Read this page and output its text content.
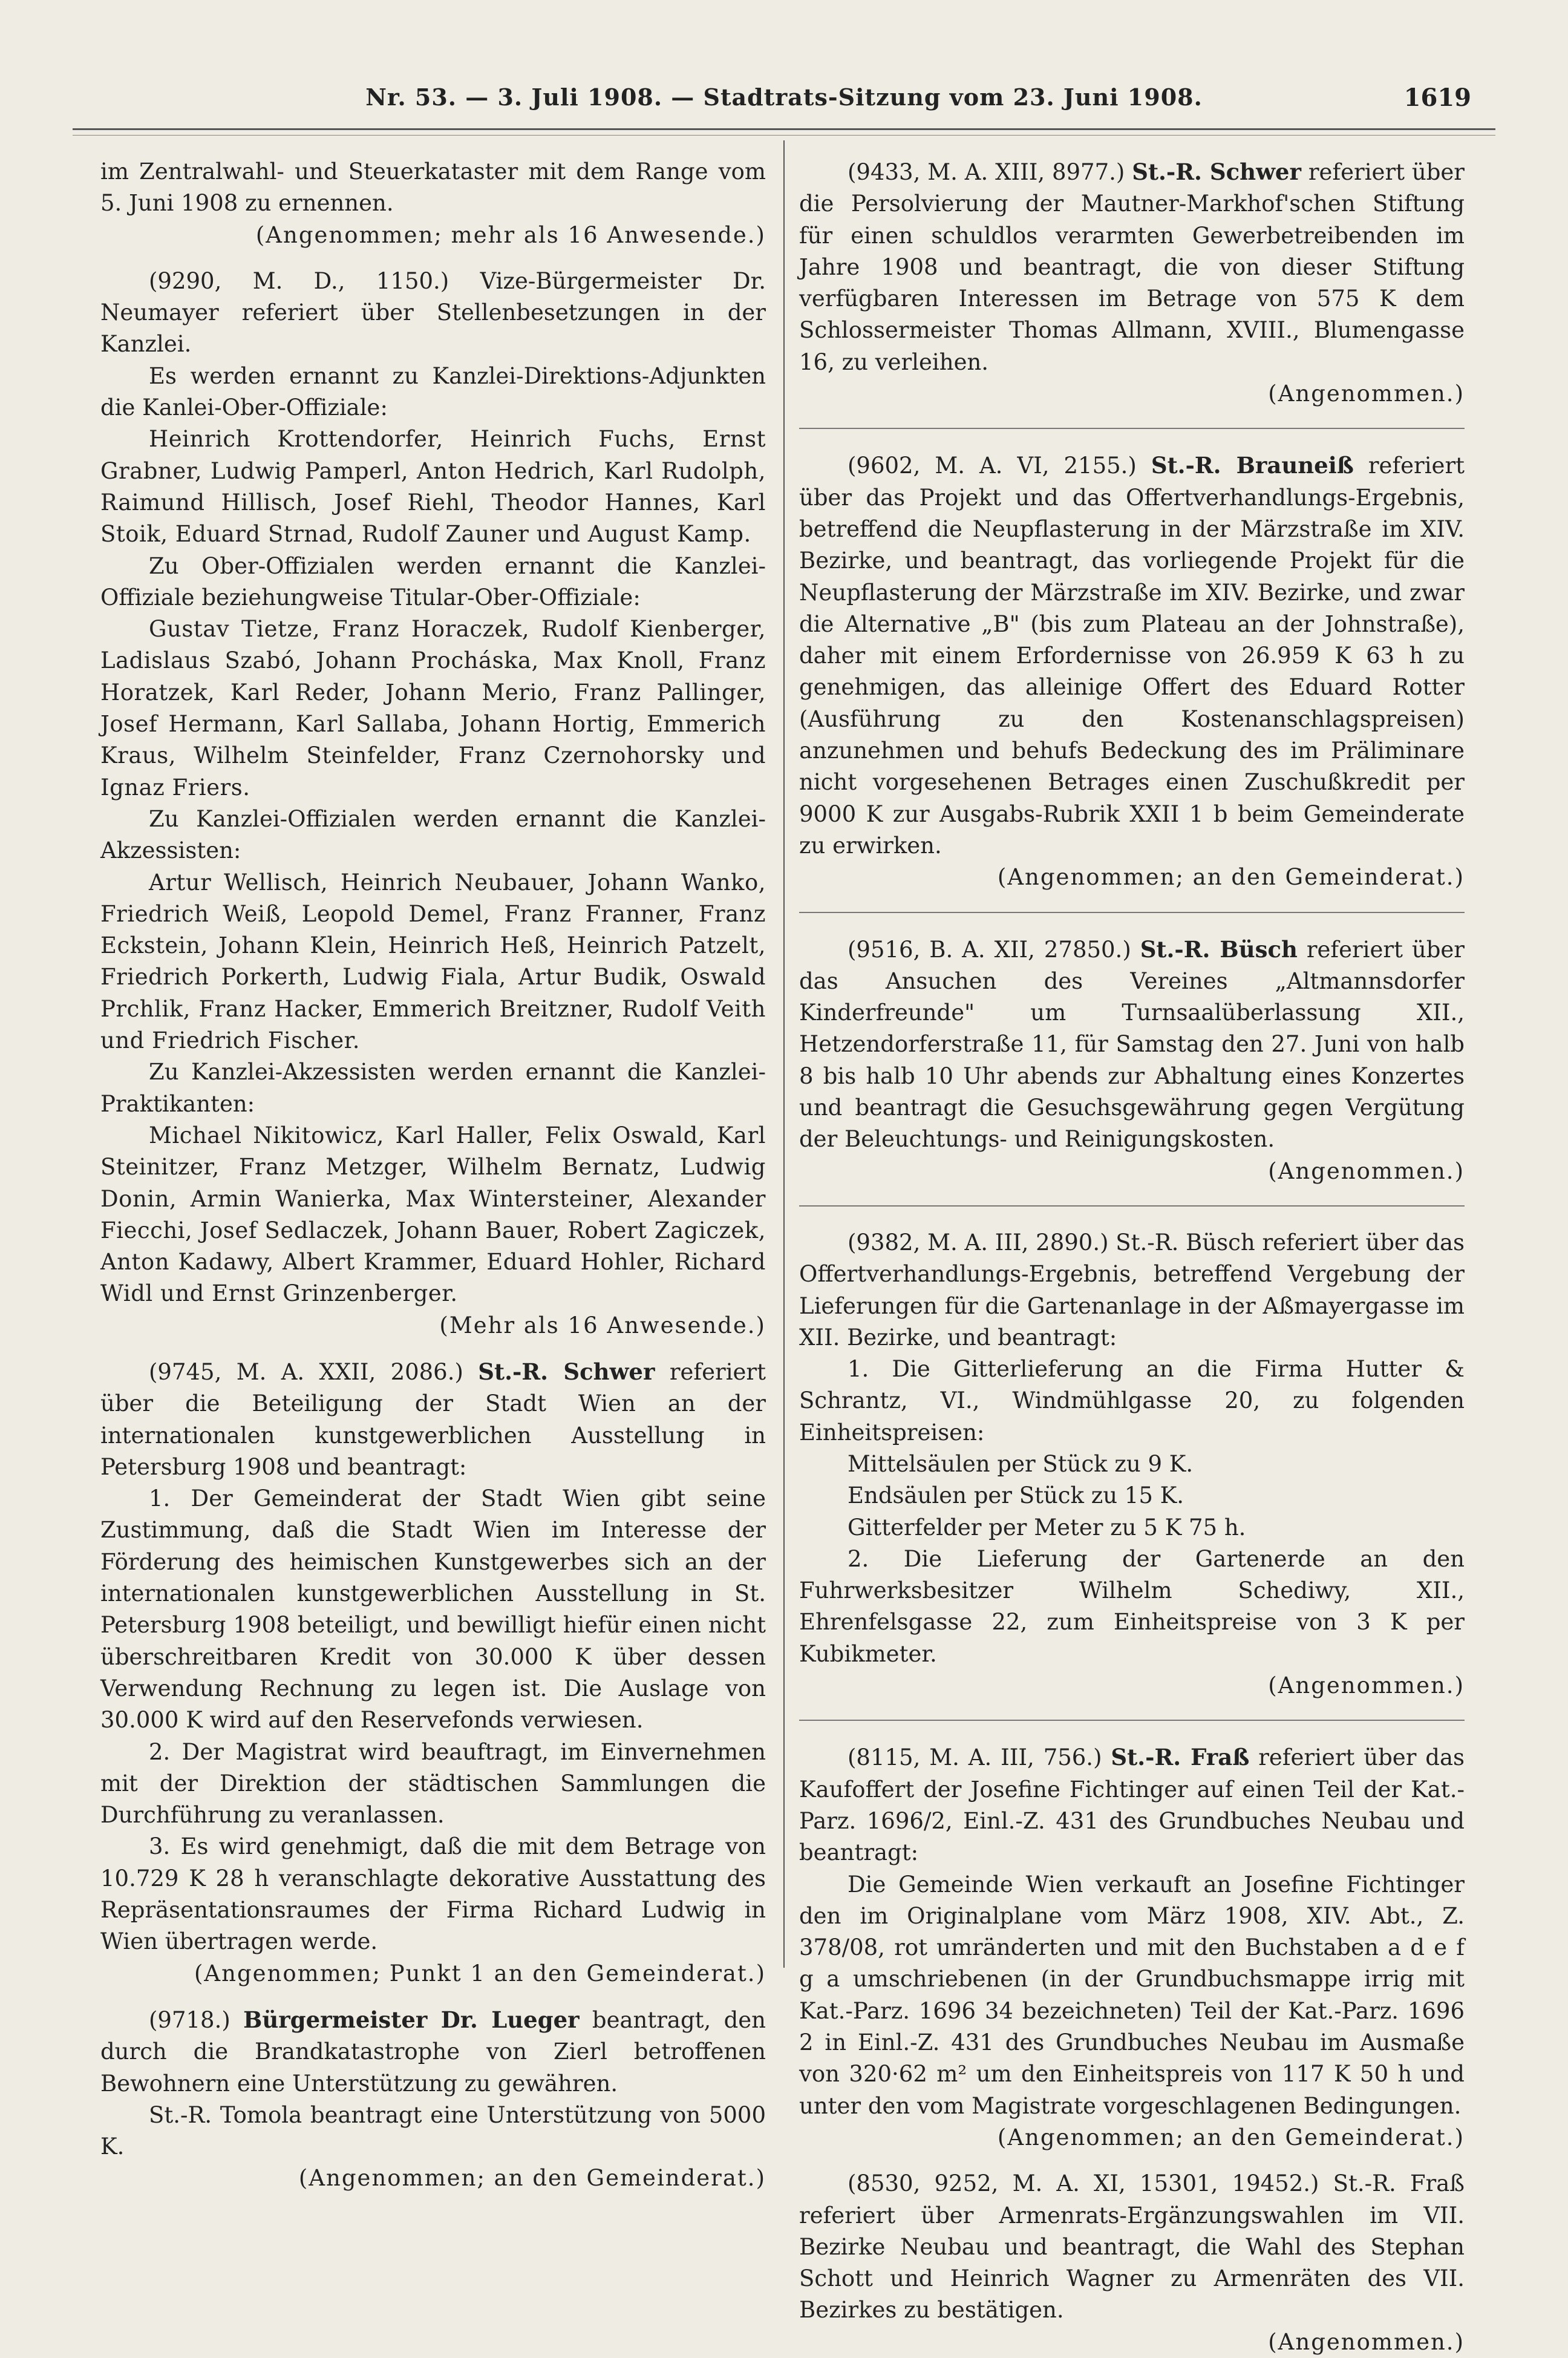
Nr. 53. — 3. Juli 1908. — Stadtrats-Sitzung vom 23. Juni 1908.	1619

im Zentralwahl- und Steuerkataster mit dem Range vom 5. Juni 1908 zu ernennen.

(Angenommen; mehr als 16 Anwesende.)

(9290, M. D., 1150.) Vize-Bürgermeister Dr. Neumayer referiert über Stellenbesetzungen in der Kanzlei.

Es werden ernannt zu Kanzlei-Direktions-Adjunkten die Kanlei-Ober-Offiziale:

Heinrich Krottendorfer, Heinrich Fuchs, Ernst Grabner, Ludwig Pamperl, Anton Hedrich, Karl Rudolph, Raimund Hillisch, Josef Riehl, Theodor Hannes, Karl Stoik, Eduard Strnad, Rudolf Zauner und August Kamp.

Zu Ober-Offizialen werden ernannt die Kanzlei-Offiziale beziehungweise Titular-Ober-Offiziale:

Gustav Tietze, Franz Horaczek, Rudolf Kienberger, Ladislaus Szabó, Johann Procháska, Max Knoll, Franz Horatzek, Karl Reder, Johann Merio, Franz Pallinger, Josef Hermann, Karl Sallaba, Johann Hortig, Emmerich Kraus, Wilhelm Steinfelder, Franz Czernohorsky und Ignaz Friers.

Zu Kanzlei-Offizialen werden ernannt die Kanzlei-Akzessisten:

Artur Wellisch, Heinrich Neubauer, Johann Wanko, Friedrich Weiß, Leopold Demel, Franz Franner, Franz Eckstein, Johann Klein, Heinrich Heß, Heinrich Patzelt, Friedrich Porkerth, Ludwig Fiala, Artur Budik, Oswald Prchlik, Franz Hacker, Emmerich Breitzner, Rudolf Veith und Friedrich Fischer.

Zu Kanzlei-Akzessisten werden ernannt die Kanzlei-Praktikanten:

Michael Nikitowicz, Karl Haller, Felix Oswald, Karl Steinitzer, Franz Metzger, Wilhelm Bernatz, Ludwig Donin, Armin Wanierka, Max Wintersteiner, Alexander Fiecchi, Josef Sedlaczek, Johann Bauer, Robert Zagiczek, Anton Kadawy, Albert Krammer, Eduard Hohler, Richard Widl und Ernst Grinzenberger.

(Mehr als 16 Anwesende.)

(9745, M. A. XXII, 2086.) St.-R. Schwer referiert über die Beteiligung der Stadt Wien an der internationalen kunstgewerblichen Ausstellung in Petersburg 1908 und beantragt:

1. Der Gemeinderat der Stadt Wien gibt seine Zustimmung, daß die Stadt Wien im Interesse der Förderung des heimischen Kunstgewerbes sich an der internationalen kunstgewerblichen Ausstellung in St. Petersburg 1908 beteiligt, und bewilligt hiefür einen nicht überschreitbaren Kredit von 30.000 K über dessen Verwendung Rechnung zu legen ist. Die Auslage von 30.000 K wird auf den Reservefonds verwiesen.

2. Der Magistrat wird beauftragt, im Einvernehmen mit der Direktion der städtischen Sammlungen die Durchführung zu veranlassen.

3. Es wird genehmigt, daß die mit dem Betrage von 10.729 K 28 h veranschlagte dekorative Ausstattung des Repräsentationsraumes der Firma Richard Ludwig in Wien übertragen werde.

(Angenommen; Punkt 1 an den Gemeinderat.)

(9718.) Bürgermeister Dr. Lueger beantragt, den durch die Brandkatastrophe von Zierl betroffenen Bewohnern eine Unterstützung zu gewähren.

St.-R. Tomola beantragt eine Unterstützung von 5000 K.

(Angenommen; an den Gemeinderat.)

(9433, M. A. XIII, 8977.) St.-R. Schwer referiert über die Persolvierung der Mautner-Markhof'schen Stiftung für einen schuldlos verarmten Gewerbetreibenden im Jahre 1908 und beantragt, die von dieser Stiftung verfügbaren Interessen im Betrage von 575 K dem Schlossermeister Thomas Allmann, XVIII., Blumengasse 16, zu verleihen.

(Angenommen.)

(9602, M. A. VI, 2155.) St.-R. Brauneiß referiert über das Projekt und das Offertverhandlungs-Ergebnis, betreffend die Neupflasterung in der Märzstraße im XIV. Bezirke, und beantragt, das vorliegende Projekt für die Neupflasterung der Märzstraße im XIV. Bezirke, und zwar die Alternative „B" (bis zum Plateau an der Johnstraße), daher mit einem Erfordernisse von 26.959 K 63 h zu genehmigen, das alleinige Offert des Eduard Rotter (Ausführung zu den Kostenanschlagspreisen) anzunehmen und behufs Bedeckung des im Präliminare nicht vorgesehenen Betrages einen Zuschußkredit per 9000 K zur Ausgabs-Rubrik XXII 1 b beim Gemeinderate zu erwirken.

(Angenommen; an den Gemeinderat.)

(9516, B. A. XII, 27850.) St.-R. Büsch referiert über das Ansuchen des Vereines „Altmannsdorfer Kinderfreunde" um Turnsaalüberlassung XII., Hetzendorferstraße 11, für Samstag den 27. Juni von halb 8 bis halb 10 Uhr abends zur Abhaltung eines Konzertes und beantragt die Gesuchsgewährung gegen Vergütung der Beleuchtungs- und Reinigungskosten.

(Angenommen.)

(9382, M. A. III, 2890.) St.-R. Büsch referiert über das Offertverhandlungs-Ergebnis, betreffend Vergebung der Lieferungen für die Gartenanlage in der Aßmayergasse im XII. Bezirke, und beantragt:

1. Die Gitterlieferung an die Firma Hutter & Schrantz, VI., Windmühlgasse 20, zu folgenden Einheitspreisen:

Mittelsäulen per Stück zu 9 K.

Endsäulen per Stück zu 15 K.

Gitterfelder per Meter zu 5 K 75 h.

2. Die Lieferung der Gartenerde an den Fuhrwerksbesitzer Wilhelm Schediwy, XII., Ehrenfelsgasse 22, zum Einheitspreise von 3 K per Kubikmeter.

(Angenommen.)

(8115, M. A. III, 756.) St.-R. Fraß referiert über das Kaufoffert der Josefine Fichtinger auf einen Teil der Kat.-Parz. 1696/2, Einl.-Z. 431 des Grundbuches Neubau und beantragt:

Die Gemeinde Wien verkauft an Josefine Fichtinger den im Originalplane vom März 1908, XIV. Abt., Z. 378/08, rot umränderten und mit den Buchstaben a d e f g a umschriebenen (in der Grundbuchsmappe irrig mit Kat.-Parz. 1696 34 bezeichneten) Teil der Kat.-Parz. 1696 2 in Einl.-Z. 431 des Grundbuches Neubau im Ausmaße von 320·62 m² um den Einheitspreis von 117 K 50 h und unter den vom Magistrate vorgeschlagenen Bedingungen.

(Angenommen; an den Gemeinderat.)

(8530, 9252, M. A. XI, 15301, 19452.) St.-R. Fraß referiert über Armenrats-Ergänzungswahlen im VII. Bezirke Neubau und beantragt, die Wahl des Stephan Schott und Heinrich Wagner zu Armenräten des VII. Bezirkes zu bestätigen.

(Angenommen.)
